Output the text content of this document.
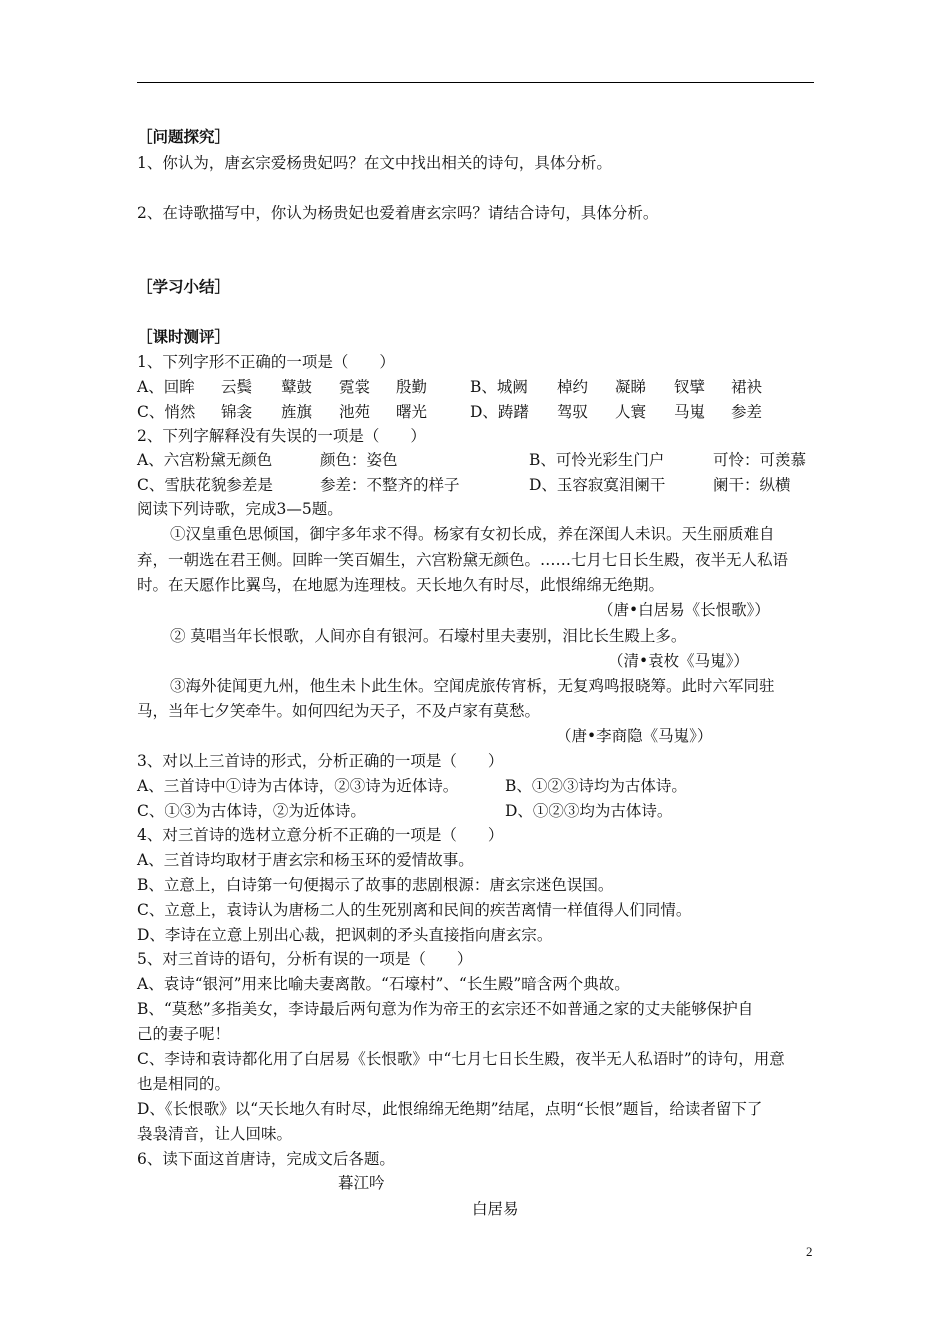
［问题探究］
1、你认为，唐玄宗爱杨贵妃吗？在文中找出相关的诗句，具体分析。
2、在诗歌描写中，你认为杨贵妃也爱着唐玄宗吗？请结合诗句，具体分析。
［学习小结］
［课时测评］
1、下列字形不正确的一项是（　　）
A、回眸 云鬓 鼙鼓 霓裳 殷勤	B、城阙 棹约 凝睇 钗擘 裙袂
C、悄然 锦衾 旌旗 池苑 曙光	D、踌躇 驾驭 人寰 马嵬 参差
2、下列字解释没有失误的一项是（　　）
A、六宫粉黛无颜色	颜色：姿色	B、可怜光彩生门户	可怜：可羡慕
C、雪肤花貌参差是	参差：不整齐的样子	D、玉容寂寞泪阑干	阑干：纵横
阅读下列诗歌，完成3—5题。
①汉皇重色思倾国，御宇多年求不得。杨家有女初长成，养在深闺人未识。天生丽质难自
弃，一朝选在君王侧。回眸一笑百媚生，六宫粉黛无颜色。……七月七日长生殿，夜半无人私语
时。在天愿作比翼鸟，在地愿为连理枝。天长地久有时尽，此恨绵绵无绝期。
（唐•白居易《长恨歌》）
② 莫唱当年长恨歌，人间亦自有银河。石壕村里夫妻别，泪比长生殿上多。
（清•袁枚《马嵬》）
③海外徒闻更九州，他生未卜此生休。空闻虎旅传宵柝，无复鸡鸣报晓筹。此时六军同驻
马，当年七夕笑牵牛。如何四纪为天子，不及卢家有莫愁。
（唐•李商隐《马嵬》）
3、对以上三首诗的形式，分析正确的一项是（　　）
A、三首诗中①诗为古体诗，②③诗为近体诗。	B、①②③诗均为古体诗。
C、①③为古体诗，②为近体诗。	D、①②③均为古体诗。
4、对三首诗的选材立意分析不正确的一项是（　　）
A、三首诗均取材于唐玄宗和杨玉环的爱情故事。
B、立意上，白诗第一句便揭示了故事的悲剧根源：唐玄宗迷色误国。
C、立意上，袁诗认为唐杨二人的生死别离和民间的疾苦离情一样值得人们同情。
D、李诗在立意上别出心裁，把讽刺的矛头直接指向唐玄宗。
5、对三首诗的语句，分析有误的一项是（　　）
A、袁诗“银河”用来比喻夫妻离散。“石壕村”、“长生殿”暗含两个典故。
B、“莫愁”多指美女，李诗最后两句意为作为帝王的玄宗还不如普通之家的丈夫能够保护自
己的妻子呢！
C、李诗和袁诗都化用了白居易《长恨歌》中“七月七日长生殿，夜半无人私语时”的诗句，用意
也是相同的。
D、《长恨歌》以“天长地久有时尽，此恨绵绵无绝期”结尾，点明“长恨”题旨，给读者留下了
袅袅清音，让人回味。
6、读下面这首唐诗，完成文后各题。
暮江吟
白居易
2
